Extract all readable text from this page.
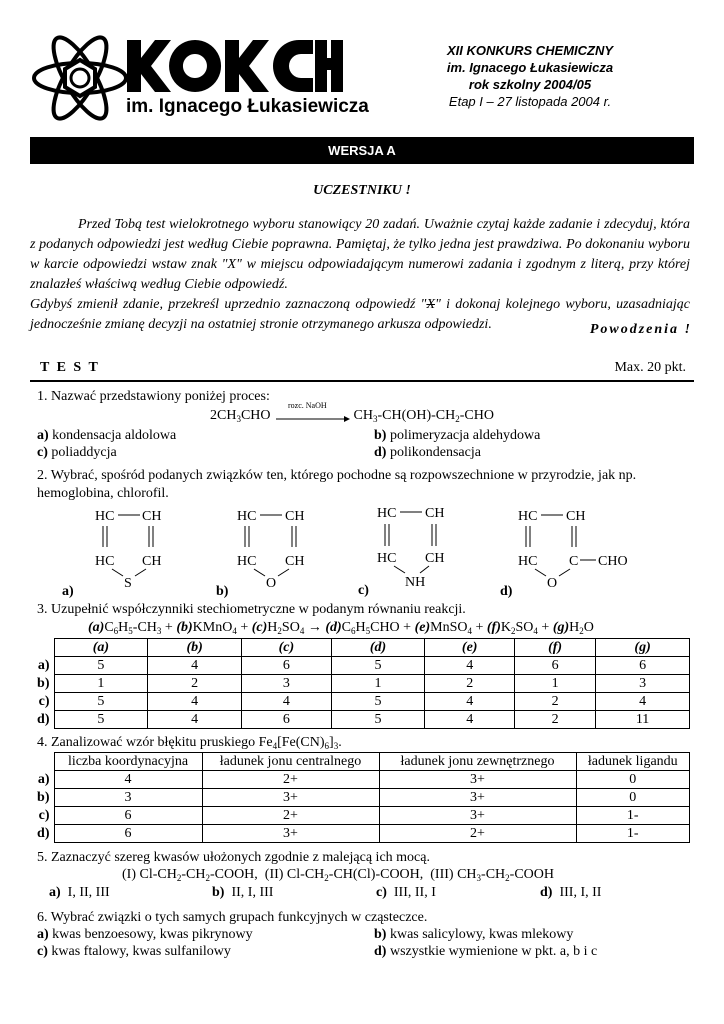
im. Ignacego Łukasiewicza
XII KONKURS CHEMICZNY
im. Ignacego Łukasiewicza
rok szkolny 2004/05
Etap I – 27 listopada 2004 r.
WERSJA A
UCZESTNIKU !

Przed Tobą test wielokrotnego wyboru stanowiący 20 zadań. Uważnie czytaj każde zadanie i zdecyduj, która z podanych odpowiedzi jest według Ciebie poprawna. Pamiętaj, że tylko jedna jest prawdziwa. Po dokonaniu wyboru w karcie odpowiedzi wstaw znak "X" w miejscu odpowiadającym numerowi zadania i zgodnym z literą, przy której znalazłeś właściwą według Ciebie odpowiedź.

Gdybyś zmienił zdanie, przekreśl uprzednio zaznaczoną odpowiedź "X" i dokonaj kolejnego wyboru, uzasadniając jednocześnie zmianę decyzji na ostatniej stronie otrzymanego arkusza odpowiedzi.	Powodzenia !
T E S T	Max. 20 pkt.
1. Nazwać przedstawiony poniżej proces:
$2CH_3CHO$
rozc. NaOH
$CH_3-CH(OH)-CH_2$-CHO
a) kondensacja aldolowa	b) polimeryzacja aldehydowa
c) poliaddycja	d) polikondensacja
2. Wybrać, spośród podanych związków ten, którego pochodne są rozpowszechnione w przyrodzie, jak np.
hemoglobina, chlorofil.
HC CH
HC CH
S
a)
HC CH
HC CH
O
b)
HC CH
HC CH
NH
c)
HC CH
HC C CHO
O
d)
3. Uzupełnić współczynniki stechiometryczne w podanym równaniu reakcji.
$(a)C_6H_5-CH_3$ + (b)KMnO$_4$ + $(c)H_2SO_4 \to (d)C_6H_5CHO$ + (e)MnSO$_4$ + $(f)K_2SO_4 + (g)H_2O$
	(a)	(b)	(c)	(d)	(e)	(f)	(g)
a)	5	4	6	5	4	6	6
b)	1	2	3	1	2	1	3
c)	5	4	4	5	4	2	4
d)	5	4	6	5	4	2	11
4. Zanalizować wzór błękitu pruskiego $Fe_4[Fe(CN)_6]_3$.
	liczba koordynacyjna	ładunek jonu centralnego	ładunek jonu zewnętrznego	ładunek ligandu
a)	4	2+	3+	0
b)	3	3+	3+	0
c)	6	2+	3+	1-
d)	6	3+	2+	1-
5. Zaznaczyć szereg kwasów ułożonych zgodnie z malejącą ich mocą.
(I) $Cl-CH_2-CH_2$-COOH,  (II) $Cl-CH_2-CH(Cl)$-COOH,  (III) $CH_3-CH_2$-COOH
a) I, II, III	b) II, I, III	c) III, II, I	d) III, I, II
6. Wybrać związki o tych samych grupach funkcyjnych w cząsteczce.
a) kwas benzoesowy, kwas pikrynowy	b) kwas salicylowy, kwas mlekowy
c) kwas ftalowy, kwas sulfanilowy	d) wszystkie wymienione w pkt. a, b i c
